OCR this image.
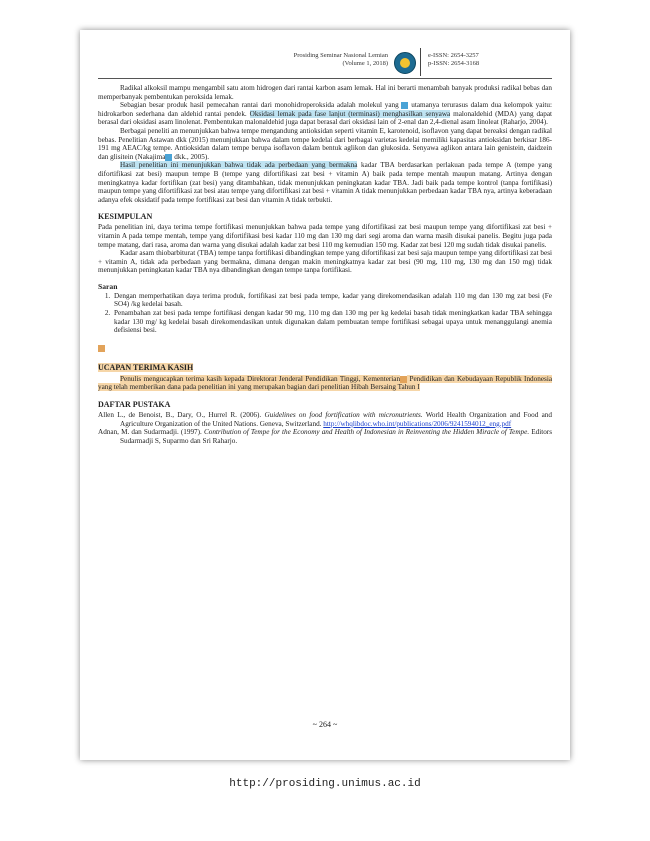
Prosiding Seminar Nasional Lemian
(Volume 1, 2018)
e-ISSN: 2654-3257
p-ISSN: 2654-3168

Radikal alkoksil mampu mengambil satu atom hidrogen dari rantai karbon asam lemak. Hal ini berarti menambah banyak produksi radikal bebas dan memperbanyak pembentukan peroksida lemak.

Sebagian besar produk hasil pemecahan rantai dari monohidroperoksida adalah molekul yang  utamanya terurasus dalam dua kelompok yaitu: hidrokarbon sederhana dan aldehid rantai pendek. Oksidasi lemak pada fase lanjut (terminasi) menghasilkan senyawa malonaldehid (MDA) yang dapat berasal dari oksidasi asam linolenat. Pembentukan malonaldehid juga dapat berasal dari oksidasi lain of 2-enal dan 2,4-dienal asam linoleat (Raharjo, 2004).

Berbagai peneliti an menunjukkan bahwa tempe mengandung antioksidan seperti vitamin E, karotenoid, isoflavon yang dapat bereaksi dengan radikal bebas. Penelitian Astawan dkk (2015) menunjukkan bahwa dalam tempe kedelai dari berbagai varietas kedelai memiliki kapasitas antioksidan berkisar 186-191 mg AEAC/kg tempe. Antioksidan dalam tempe berupa isoflavon dalam bentuk aglikon dan glukosida. Senyawa aglikon antara lain genistein, daidzein dan glisitein (Nakajima dkk., 2005).

Hasil penelitian ini menunjukkan bahwa tidak ada perbedaan yang bermakna kadar TBA berdasarkan perlakuan pada tempe A (tempe yang difortifikasi zat besi) maupun tempe B (tempe yang difortifikasi zat besi + vitamin A) baik pada tempe mentah maupun matang. Artinya dengan meningkatnya kadar fortifikan (zat besi) yang ditambahkan, tidak menunjukkan peningkatan kadar TBA. Jadi baik pada tempe kontrol (tanpa fortifikasi) maupun tempe yang difortifikasi zat besi atau tempe yang difortifikasi zat besi + vitamin A tidak menunjukkan perbedaan kadar TBA nya, artinya keberadaan adanya efek oksidatif pada tempe fortifikasi zat besi dan vitamin A tidak terbukti.

KESIMPULAN

Pada penelitian ini, daya terima tempe fortifikasi menunjukkan bahwa pada tempe yang difortifikasi zat besi maupun tempe yang difortifikasi zat besi + vitamin A pada tempe mentah, tempe yang difortifikasi besi kadar 110 mg dan 130 mg dari segi aroma dan warna masih disukai panelis. Begitu juga pada tempe matang, dari rasa, aroma dan warna yang disukai adalah kadar zat besi 110 mg kemudian 150 mg. Kadar zat besi 120 mg sudah tidak disukai panelis.

Kadar asam thiobarbiturat (TBA) tempe tanpa fortifikasi dibandingkan tempe yang difortifikasi zat besi saja maupun tempe yang difortifikasi zat besi + vitamin A, tidak ada perbedaan yang bermakna, dimana dengan makin meningkatnya kadar zat besi (90 mg, 110 mg, 130 mg dan 150 mg) tidak menunjukkan peningkatan kadar TBA nya dibandingkan dengan tempe tanpa fortifikasi.

Saran
1. Dengan memperhatikan daya terima produk, fortifikasi zat besi pada tempe, kadar yang direkomendasikan adalah 110 mg dan 130 mg zat besi (Fe SO4) /kg kedelai basah.
2. Penambahan zat besi pada tempe fortifikasi dengan kadar 90 mg, 110 mg dan 130 mg per kg kedelai basah tidak meningkatkan kadar TBA sehingga kadar 130 mg/ kg kedelai basah direkomendasikan untuk digunakan dalam pembuatan tempe fortifikasi sebagai upaya untuk menanggulangi anemia defisiensi besi.
UCAPAN TERIMA KASIH

Penulis mengucapkan terima kasih kepada Direktorat Jenderal Pendidikan Tinggi, Kementerian Pendidikan dan Kebudayaan Republik Indonesia yang telah memberikan dana pada penelitian ini yang merupakan bagian dari penelitian Hibah Bersaing Tahun I

DAFTAR PUSTAKA

Allen L., de Benoist, B., Dary, O., Hurrel R. (2006). Guidelines on food fortification with micronutrients. World Health Organization and Food and Agriculture Organization of the United Nations. Geneva, Switzerland. http://whqlibdoc.who.int/publications/2006/9241594012_eng.pdf

Adnan, M. dan Sudarmadji. (1997). Contribution of Tempe for the Economy and Health of Indonesian in Reinventing the Hidden Miracle of Tempe. Editors Sudarmadji S, Suparmo dan Sri Raharjo.

~ 264 ~
http://prosiding.unimus.ac.id
